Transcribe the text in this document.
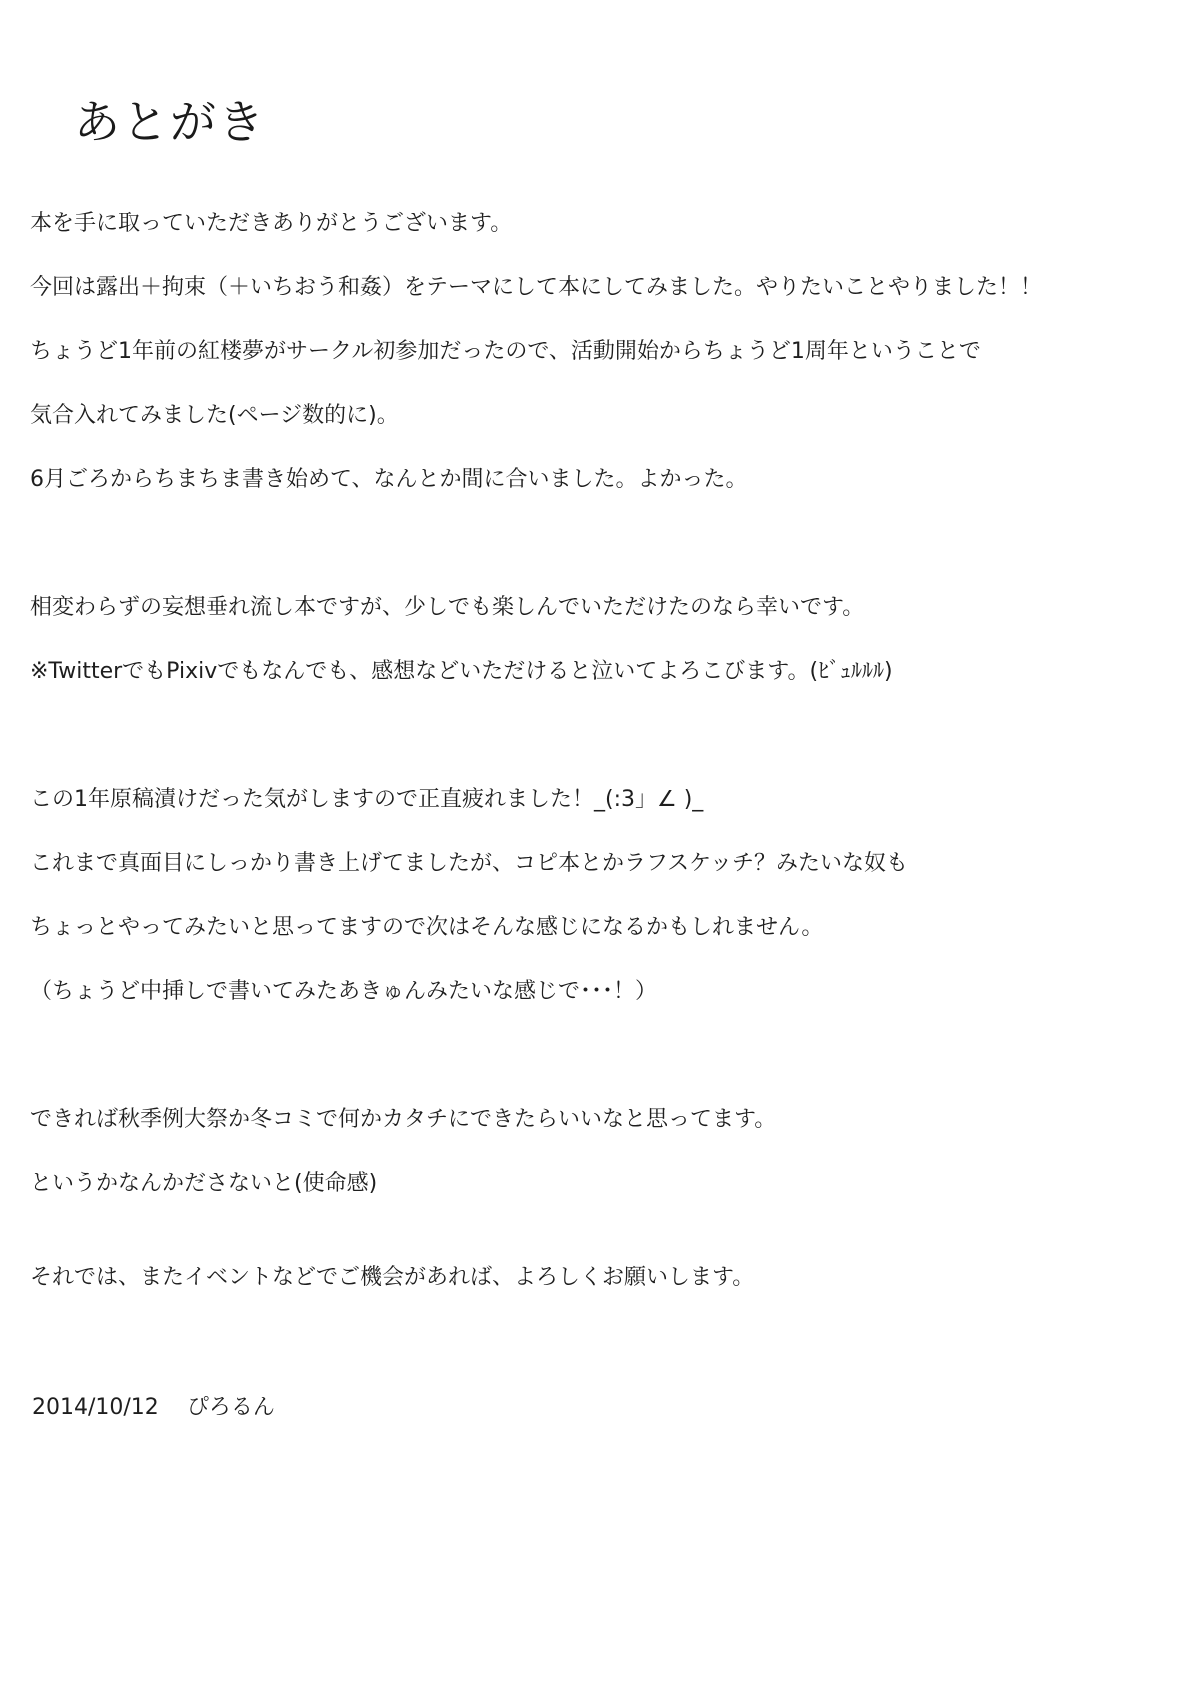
あとがき
本を手に取っていただきありがとうございます。
今回は露出＋拘束（＋いちおう和姦）をテーマにして本にしてみました。やりたいことやりました！！
ちょうど1年前の紅楼夢がサークル初参加だったので、活動開始からちょうど1周年ということで
気合入れてみました(ページ数的に)。
6月ごろからちまちま書き始めて、なんとか間に合いました。よかった。
相変わらずの妄想垂れ流し本ですが、少しでも楽しんでいただけたのなら幸いです。
※TwitterでもPixivでもなんでも、感想などいただけると泣いてよろこびます。(ﾋﾞｭﾙﾙﾙ)
この1年原稿漬けだった気がしますので正直疲れました！_(:3」∠ )_
これまで真面目にしっかり書き上げてましたが、コピ本とかラフスケッチ？みたいな奴も
ちょっとやってみたいと思ってますので次はそんな感じになるかもしれません。
（ちょうど中挿しで書いてみたあきゅんみたいな感じで･･･！）
できれば秋季例大祭か冬コミで何かカタチにできたらいいなと思ってます。
というかなんかださないと(使命感)
それでは、またイベントなどでご機会があれば、よろしくお願いします。
2014/10/12 ぴろるん
